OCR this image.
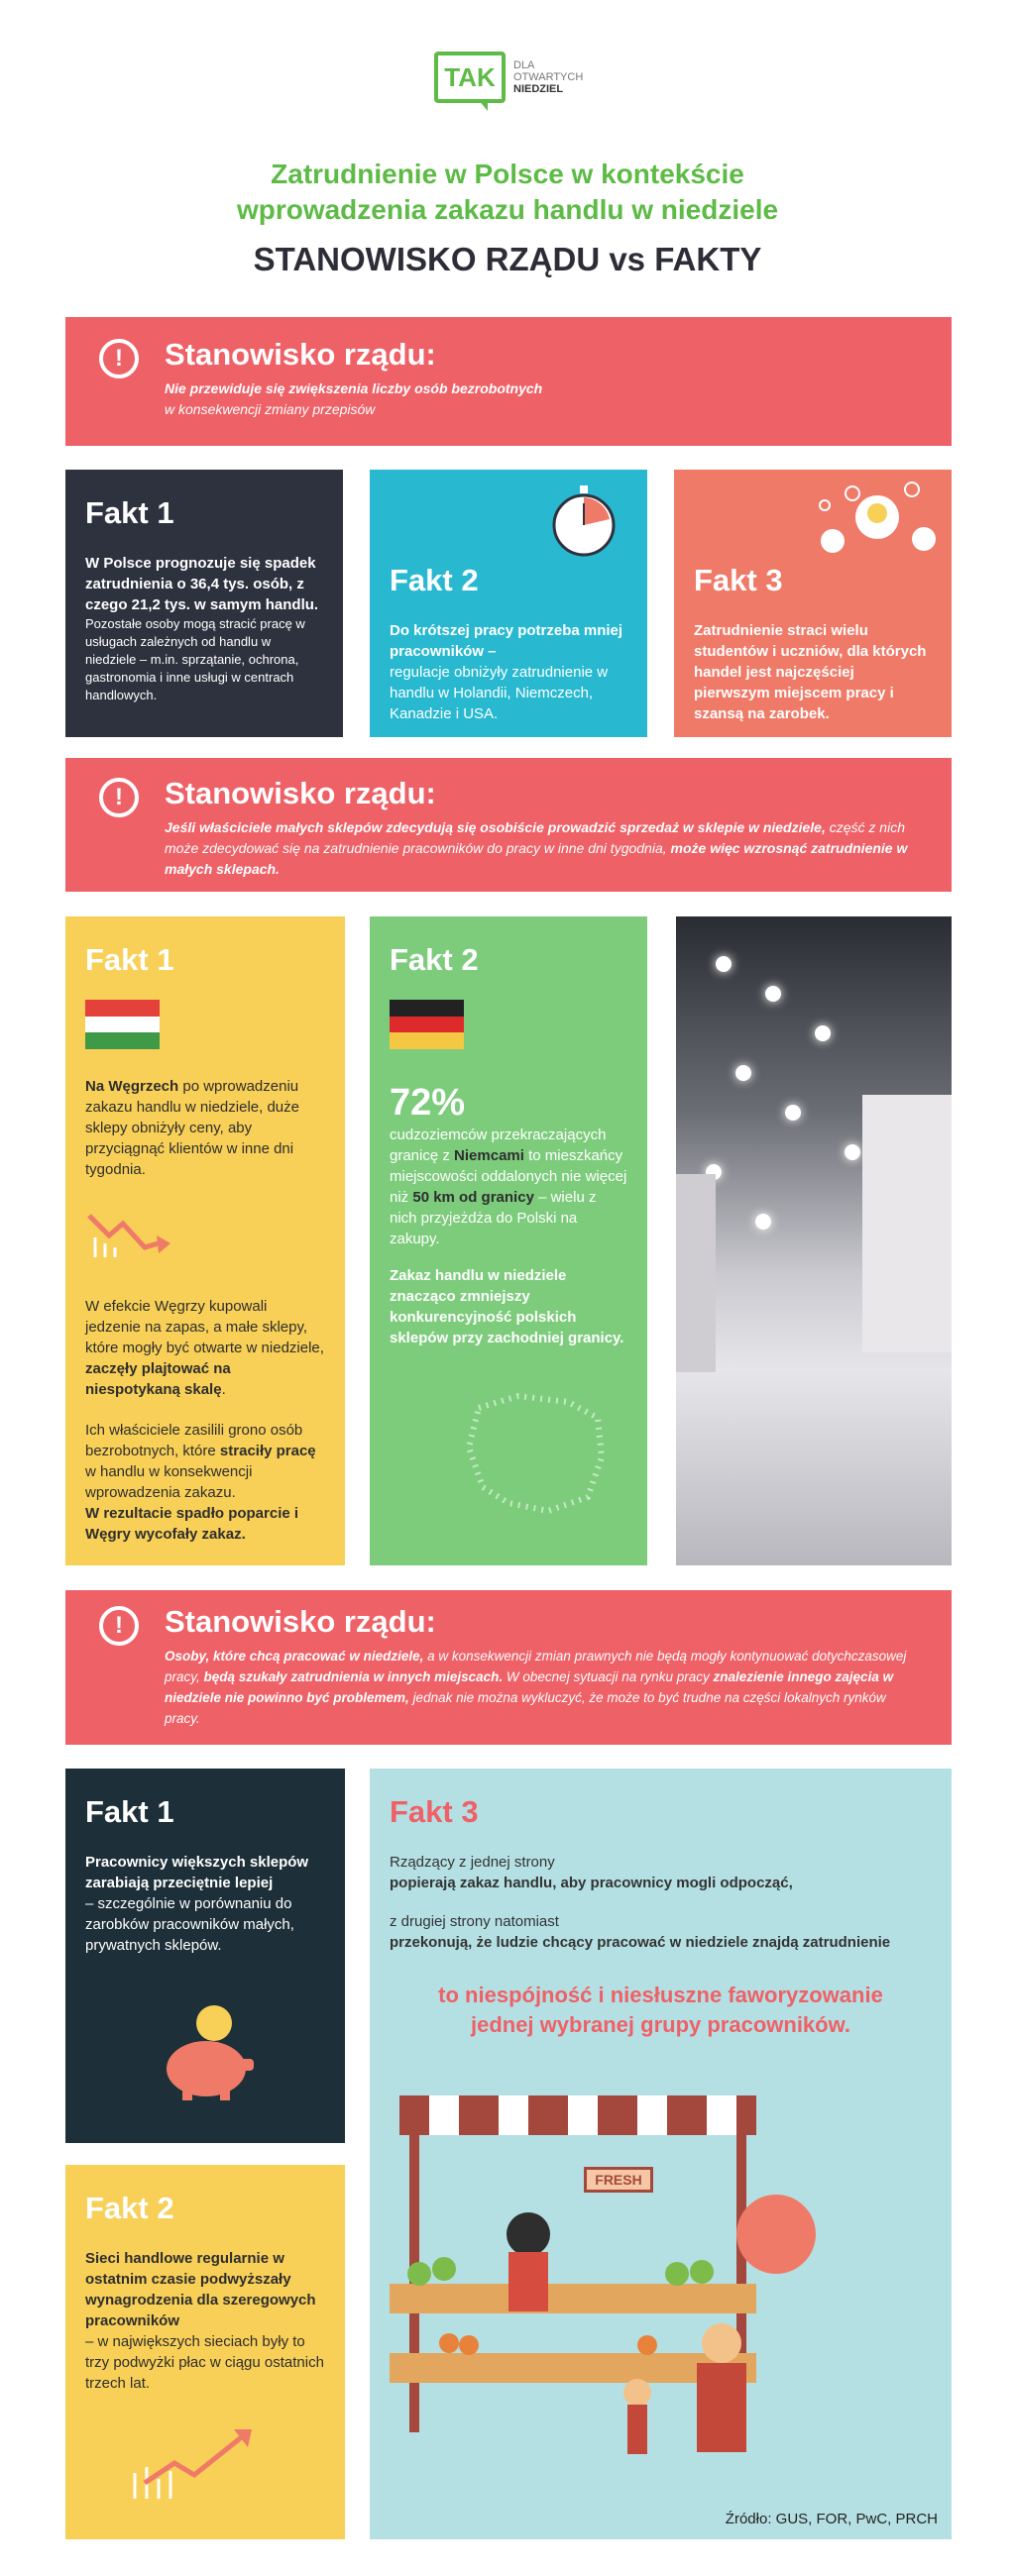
TAK	DLA
OTWARTYCH
NIEDZIEL
Zatrudnienie w Polsce w kontekście
wprowadzenia zakazu handlu w niedziele
STANOWISKO RZĄDU vs FAKTY
!	Stanowisko rządu:
Nie przewiduje się zwiększenia liczby osób bezrobotnych
w konsekwencji zmiany przepisów
Fakt 1
W Polsce prognozuje się spadek zatrudnienia o 36,4 tys. osób, z czego 21,2 tys. w samym handlu.
Pozostałe osoby mogą stracić pracę w usługach zależnych od handlu w niedziele – m.in. sprzątanie, ochrona, gastronomia i inne usługi w centrach handlowych.
Fakt 2
Do krótszej pracy potrzeba mniej pracowników –
regulacje obniżyły zatrudnienie w handlu w Holandii, Niemczech, Kanadzie i USA.
Fakt 3
Zatrudnienie straci wielu studentów i uczniów, dla których handel jest najczęściej pierwszym miejscem pracy i szansą na zarobek.
!	Stanowisko rządu:
Jeśli właściciele małych sklepów zdecydują się osobiście prowadzić sprzedaż w sklepie w niedziele, część z nich może zdecydować się na zatrudnienie pracowników do pracy w inne dni tygodnia, może więc wzrosnąć zatrudnienie w małych sklepach.
Fakt 1
Na Węgrzech po wprowadzeniu zakazu handlu w niedziele, duże sklepy obniżyły ceny, aby przyciągnąć klientów w inne dni tygodnia.
W efekcie Węgrzy kupowali jedzenie na zapas, a małe sklepy, które mogły być otwarte w niedziele, zaczęły plajtować na niespotykaną skalę.
Ich właściciele zasilili grono osób bezrobotnych, które straciły pracę w handlu w konsekwencji wprowadzenia zakazu.
W rezultacie spadło poparcie i Węgry wycofały zakaz.
Fakt 2
72%
cudzoziemców przekraczających granicę z Niemcami to mieszkańcy miejscowości oddalonych nie więcej niż 50 km od granicy – wielu z nich przyjeżdża do Polski na zakupy.
Zakaz handlu w niedziele znacząco zmniejszy konkurencyjność polskich sklepów przy zachodniej granicy.
!	Stanowisko rządu:
Osoby, które chcą pracować w niedziele, a w konsekwencji zmian prawnych nie będą mogły kontynuować dotychczasowej pracy, będą szukały zatrudnienia w innych miejscach. W obecnej sytuacji na rynku pracy znalezienie innego zajęcia w niedziele nie powinno być problemem, jednak nie można wykluczyć, że może to być trudne na części lokalnych rynków pracy.
Fakt 1
Pracownicy większych sklepów zarabiają przeciętnie lepiej
– szczególnie w porównaniu do zarobków pracowników małych, prywatnych sklepów.
Fakt 2
Sieci handlowe regularnie w ostatnim czasie podwyższały wynagrodzenia dla szeregowych pracowników
– w największych sieciach były to trzy podwyżki płac w ciągu ostatnich trzech lat.
Fakt 3
Rządzący z jednej strony
popierają zakaz handlu, aby pracownicy mogli odpocząć,
z drugiej strony natomiast
przekonują, że ludzie chcący pracować w niedziele znajdą zatrudnienie
to niespójność i niesłuszne faworyzowanie jednej wybranej grupy pracowników.
FRESH
Źródło: GUS, FOR, PwC, PRCH
